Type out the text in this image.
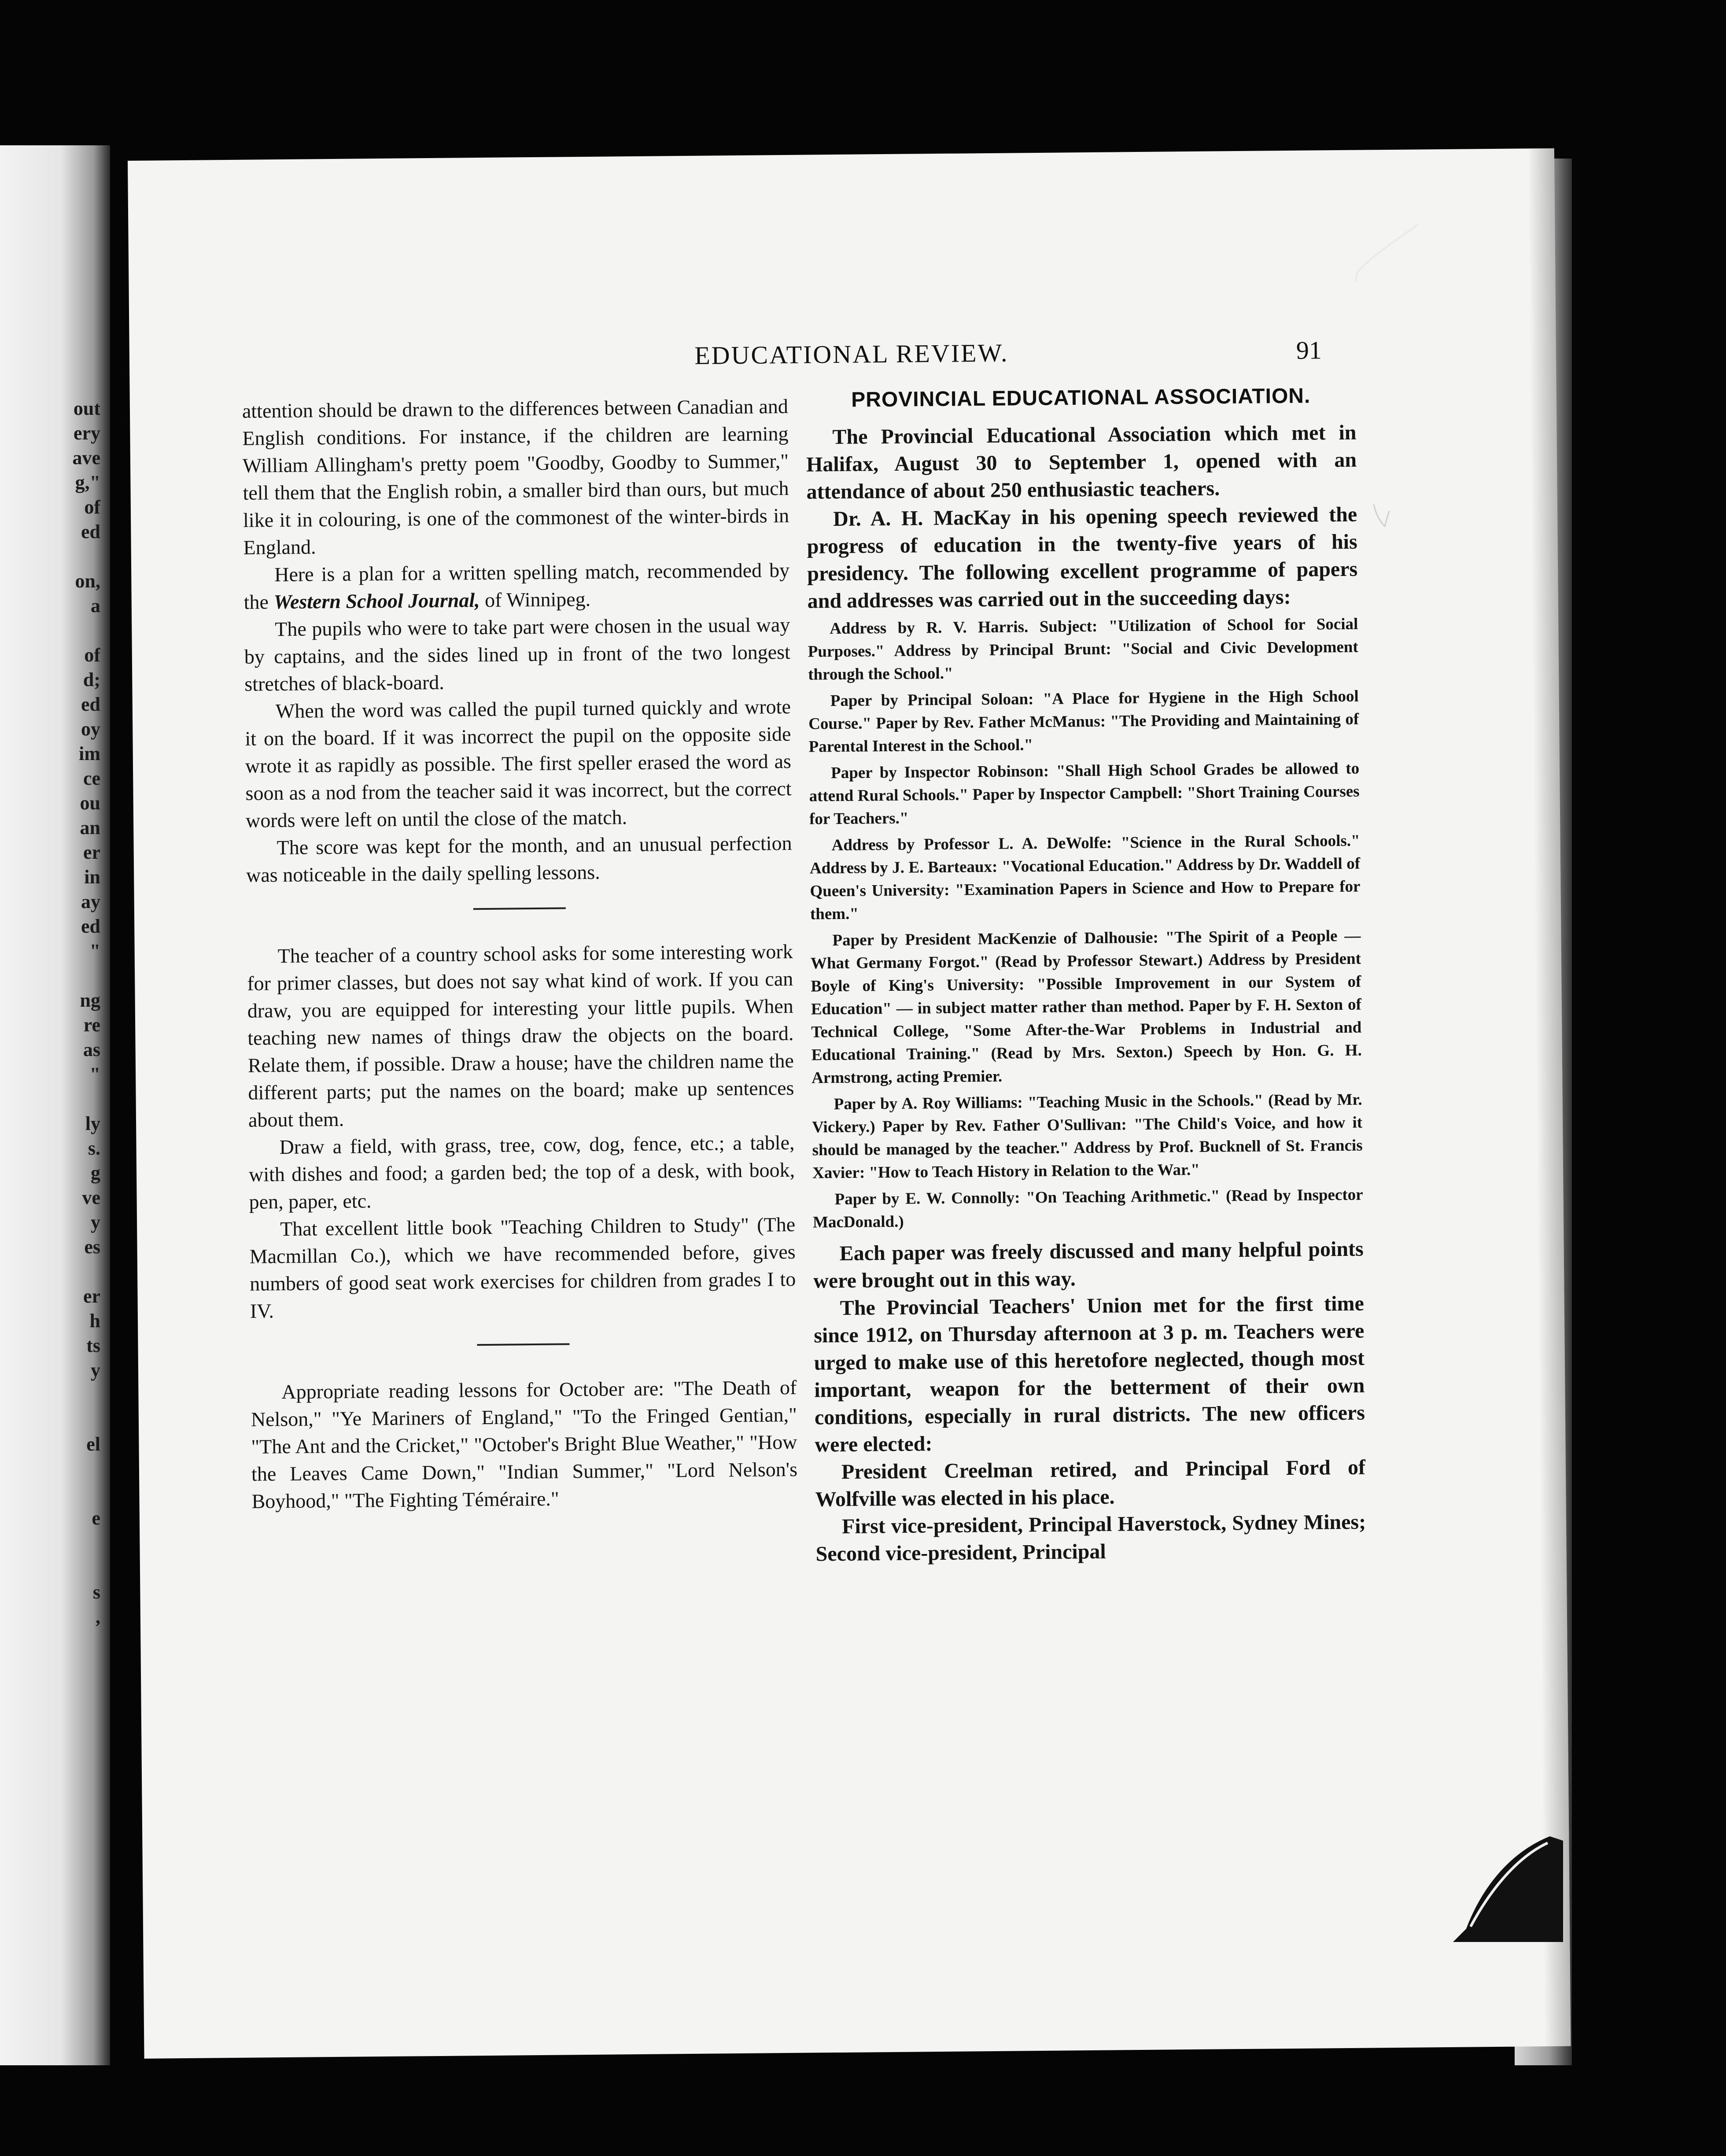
out
ery
ave
g,"
of
ed
on,
a
of
d;
ed
oy
im
ce
ou
an
er
in
ay
ed
"
ng
re
as
"
ly
s.
g
ve
y
es
er
h
ts
y
el
e
s
,
EDUCATIONAL REVIEW.	91

attention should be drawn to the differences between Canadian and English conditions. For instance, if the children are learning William Allingham's pretty poem "Goodby, Goodby to Summer," tell them that the English robin, a smaller bird than ours, but much like it in colouring, is one of the commonest of the winter-birds in England.

Here is a plan for a written spelling match, recommended by the Western School Journal, of Winnipeg.

The pupils who were to take part were chosen in the usual way by captains, and the sides lined up in front of the two longest stretches of black-board.

When the word was called the pupil turned quickly and wrote it on the board. If it was incorrect the pupil on the opposite side wrote it as rapidly as possible. The first speller erased the word as soon as a nod from the teacher said it was incorrect, but the correct words were left on until the close of the match.

The score was kept for the month, and an unusual perfection was noticeable in the daily spelling lessons.

The teacher of a country school asks for some interesting work for primer classes, but does not say what kind of work. If you can draw, you are equipped for interesting your little pupils. When teaching new names of things draw the objects on the board. Relate them, if possible. Draw a house; have the children name the different parts; put the names on the board; make up sentences about them.

Draw a field, with grass, tree, cow, dog, fence, etc.; a table, with dishes and food; a garden bed; the top of a desk, with book, pen, paper, etc.

That excellent little book "Teaching Children to Study" (The Macmillan Co.), which we have recommended before, gives numbers of good seat work exercises for children from grades I to IV.

Appropriate reading lessons for October are: "The Death of Nelson," "Ye Mariners of England," "To the Fringed Gentian," "The Ant and the Cricket," "October's Bright Blue Weather," "How the Leaves Came Down," "Indian Summer," "Lord Nelson's Boyhood," "The Fighting Téméraire."

PROVINCIAL EDUCATIONAL ASSOCIATION.

The Provincial Educational Association which met in Halifax, August 30 to September 1, opened with an attendance of about 250 enthusiastic teachers.

Dr. A. H. MacKay in his opening speech reviewed the progress of education in the twenty-five years of his presidency. The following excellent programme of papers and addresses was carried out in the succeeding days:

Address by R. V. Harris. Subject: "Utilization of School for Social Purposes." Address by Principal Brunt: "Social and Civic Development through the School."

Paper by Principal Soloan: "A Place for Hygiene in the High School Course." Paper by Rev. Father McManus: "The Providing and Maintaining of Parental Interest in the School."

Paper by Inspector Robinson: "Shall High School Grades be allowed to attend Rural Schools." Paper by Inspector Campbell: "Short Training Courses for Teachers."

Address by Professor L. A. DeWolfe: "Science in the Rural Schools." Address by J. E. Barteaux: "Vocational Education." Address by Dr. Waddell of Queen's University: "Examination Papers in Science and How to Prepare for them."

Paper by President MacKenzie of Dalhousie: "The Spirit of a People — What Germany Forgot." (Read by Professor Stewart.) Address by President Boyle of King's University: "Possible Improvement in our System of Education" — in subject matter rather than method. Paper by F. H. Sexton of Technical College, "Some After-the-War Problems in Industrial and Educational Training." (Read by Mrs. Sexton.) Speech by Hon. G. H. Armstrong, acting Premier.

Paper by A. Roy Williams: "Teaching Music in the Schools." (Read by Mr. Vickery.) Paper by Rev. Father O'Sullivan: "The Child's Voice, and how it should be managed by the teacher." Address by Prof. Bucknell of St. Francis Xavier: "How to Teach History in Relation to the War."

Paper by E. W. Connolly: "On Teaching Arithmetic." (Read by Inspector MacDonald.)

Each paper was freely discussed and many helpful points were brought out in this way.

The Provincial Teachers' Union met for the first time since 1912, on Thursday afternoon at 3 p. m. Teachers were urged to make use of this heretofore neglected, though most important, weapon for the betterment of their own conditions, especially in rural districts. The new officers were elected:

President Creelman retired, and Principal Ford of Wolfville was elected in his place.

First vice-president, Principal Haverstock, Sydney Mines; Second vice-president, Principal
